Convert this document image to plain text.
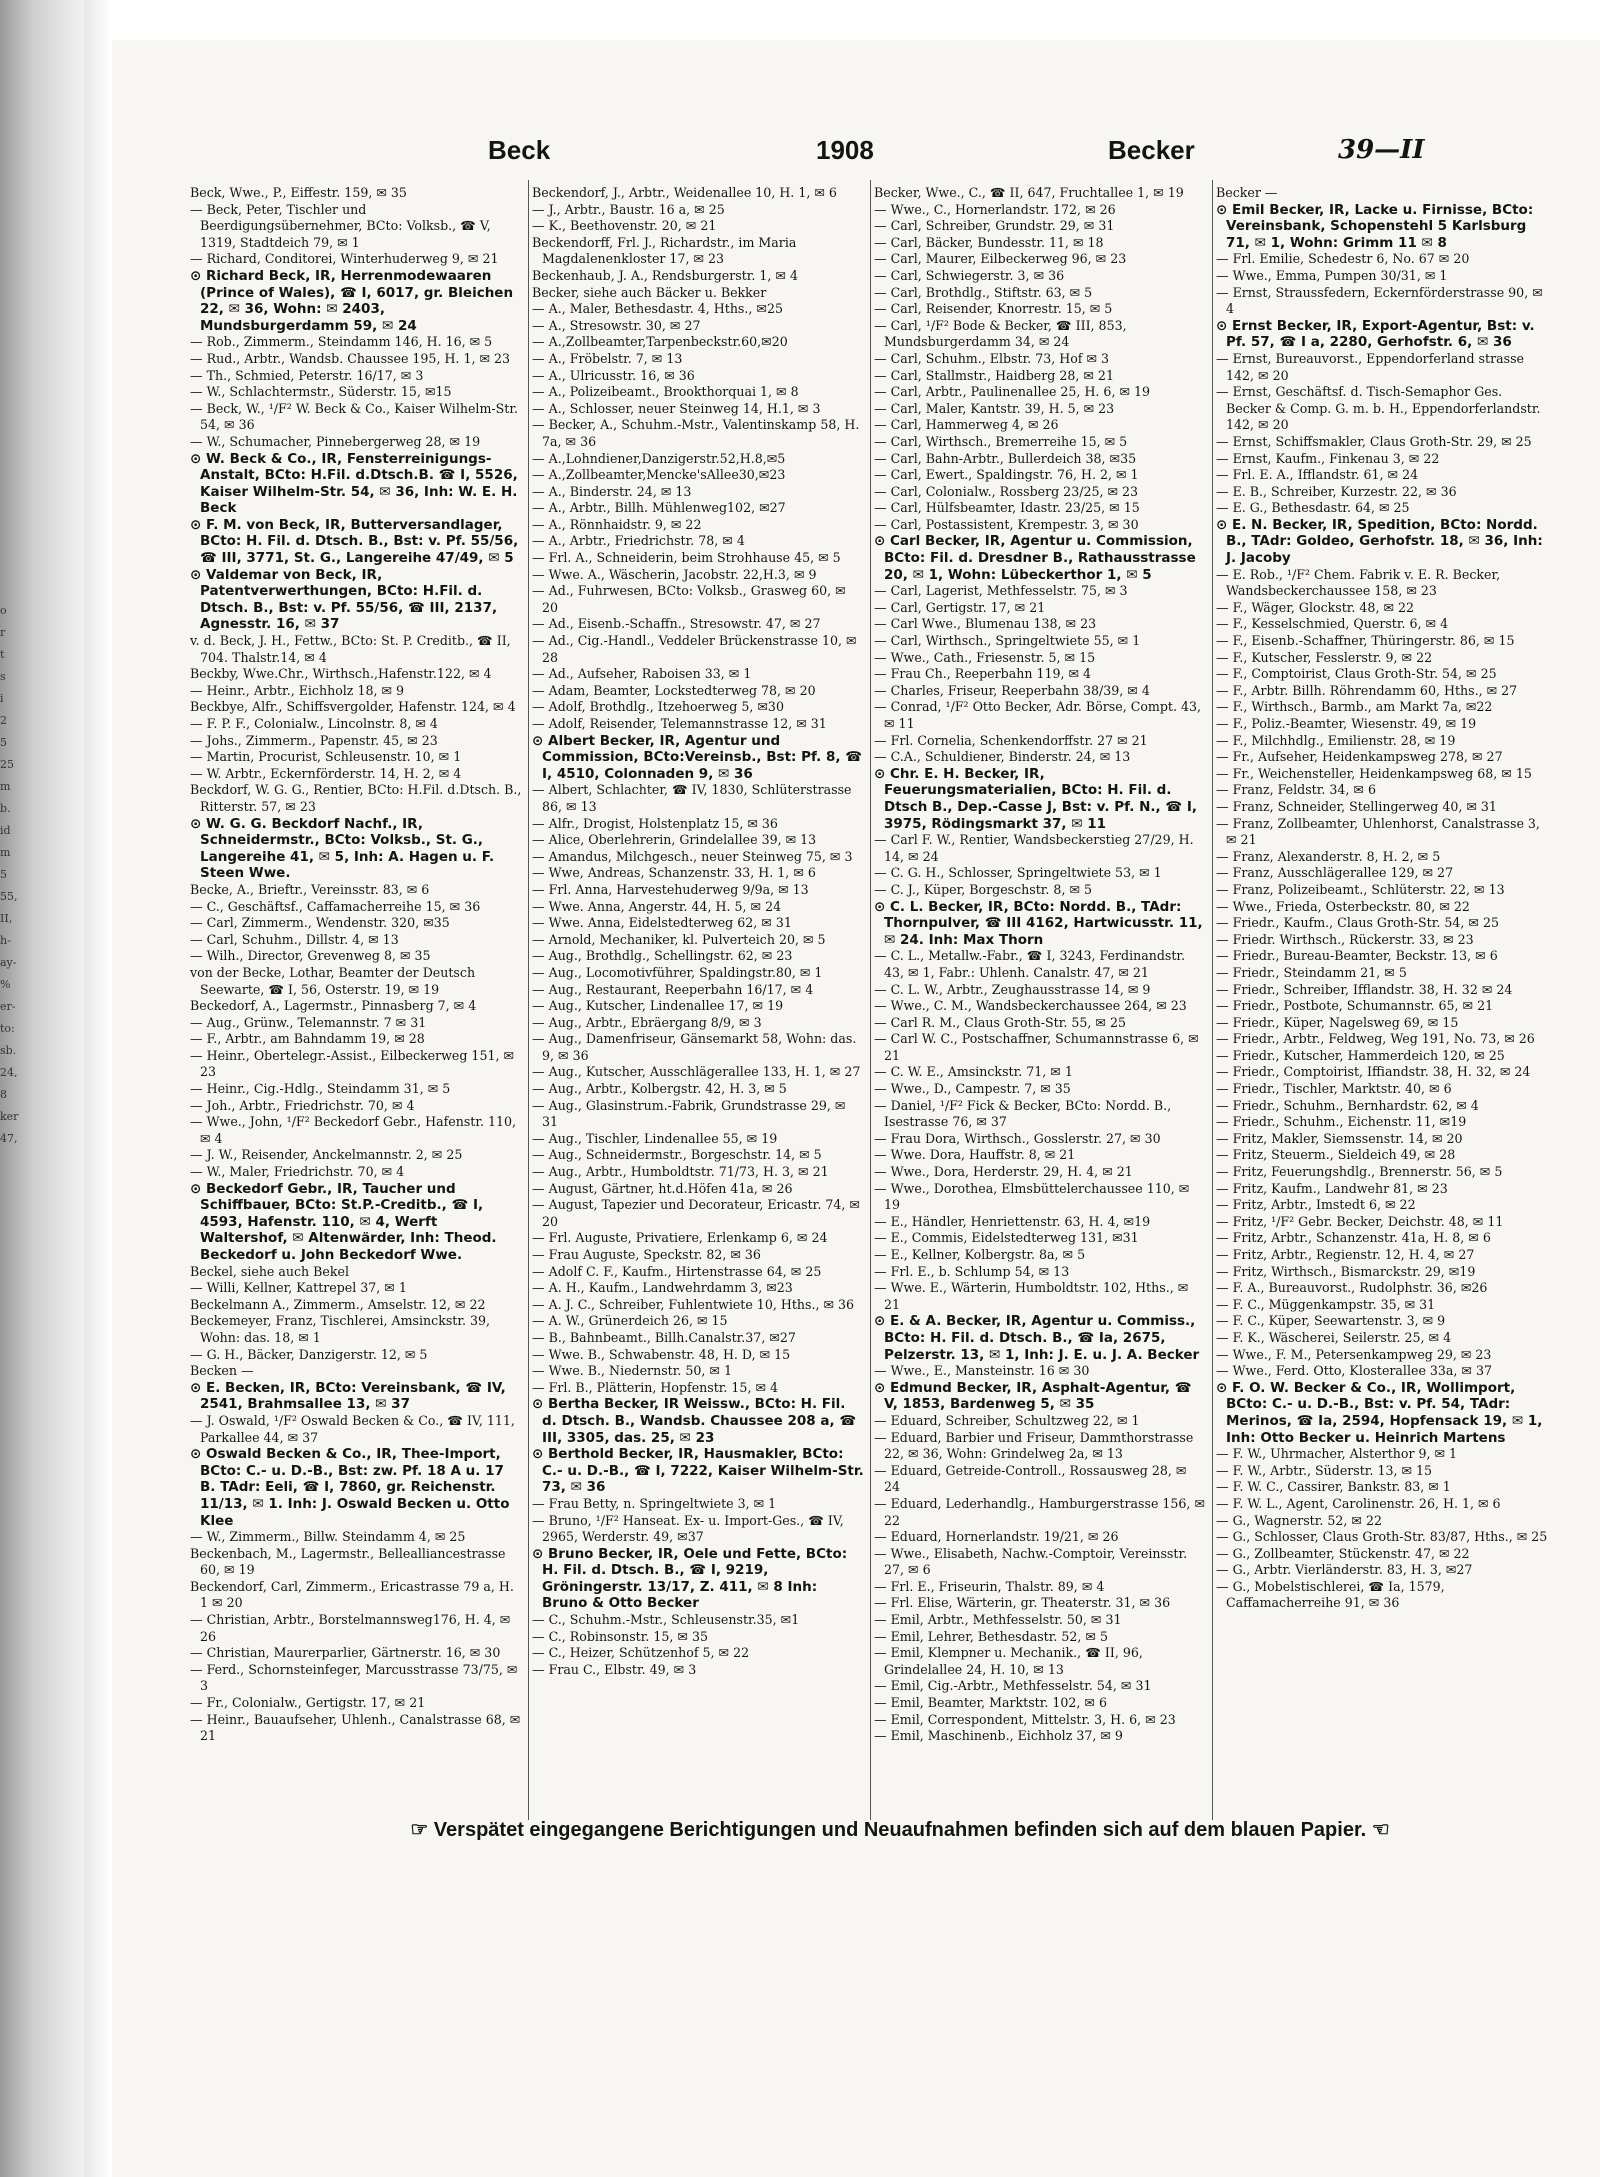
o
r
t
s
i
2
5
25
m
b.
id
m
5
55,
II,
h-
ay-
%
er-
to:
sb.
24,
8
ker
47,
Beck	1908	Becker	39—II

Beck, Wwe., P., Eiffestr. 159, ✉ 35

— Beck, Peter, Tischler und Beerdigungsübernehmer, BCto: Volksb., ☎ V, 1319, Stadtdeich 79, ✉ 1

— Richard, Conditorei, Winterhuderweg 9, ✉ 21

⊙ Richard Beck, IR, Herrenmodewaaren (Prince of Wales), ☎ I, 6017, gr. Bleichen 22, ✉ 36, Wohn: ✉ 2403, Mundsburgerdamm 59, ✉ 24

— Rob., Zimmerm., Steindamm 146, H. 16, ✉ 5

— Rud., Arbtr., Wandsb. Chaussee 195, H. 1, ✉ 23

— Th., Schmied, Peterstr. 16/17, ✉ 3

— W., Schlachtermstr., Süderstr. 15, ✉15

— Beck, W., ¹/F² W. Beck & Co., Kaiser Wilhelm-Str. 54, ✉ 36

— W., Schumacher, Pinnebergerweg 28, ✉ 19

⊙ W. Beck & Co., IR, Fensterreinigungs-Anstalt, BCto: H.Fil. d.Dtsch.B. ☎ I, 5526, Kaiser Wilhelm-Str. 54, ✉ 36, Inh: W. E. H. Beck

⊙ F. M. von Beck, IR, Butterversandlager, BCto: H. Fil. d. Dtsch. B., Bst: v. Pf. 55/56, ☎ III, 3771, St. G., Langereihe 47/49, ✉ 5

⊙ Valdemar von Beck, IR, Patentverwerthungen, BCto: H.Fil. d. Dtsch. B., Bst: v. Pf. 55/56, ☎ III, 2137, Agnesstr. 16, ✉ 37

v. d. Beck, J. H., Fettw., BCto: St. P. Creditb., ☎ II, 704. Thalstr.14, ✉ 4

Beckby, Wwe.Chr., Wirthsch.,Hafenstr.122, ✉ 4

— Heinr., Arbtr., Eichholz 18, ✉ 9

Beckbye, Alfr., Schiffsvergolder, Hafenstr. 124, ✉ 4

— F. P. F., Colonialw., Lincolnstr. 8, ✉ 4

— Johs., Zimmerm., Papenstr. 45, ✉ 23

— Martin, Procurist, Schleusenstr. 10, ✉ 1

— W. Arbtr., Eckernförderstr. 14, H. 2, ✉ 4

Beckdorf, W. G. G., Rentier, BCto: H.Fil. d.Dtsch. B., Ritterstr. 57, ✉ 23

⊙ W. G. G. Beckdorf Nachf., IR, Schneidermstr., BCto: Volksb., St. G., Langereihe 41, ✉ 5, Inh: A. Hagen u. F. Steen Wwe.

Becke, A., Brieftr., Vereinsstr. 83, ✉ 6

— C., Geschäftsf., Caffamacherreihe 15, ✉ 36

— Carl, Zimmerm., Wendenstr. 320, ✉35

— Carl, Schuhm., Dillstr. 4, ✉ 13

— Wilh., Director, Grevenweg 8, ✉ 35

von der Becke, Lothar, Beamter der Deutsch Seewarte, ☎ I, 56, Osterstr. 19, ✉ 19

Beckedorf, A., Lagermstr., Pinnasberg 7, ✉ 4

— Aug., Grünw., Telemannstr. 7 ✉ 31

— F., Arbtr., am Bahndamm 19, ✉ 28

— Heinr., Obertelegr.-Assist., Eilbeckerweg 151, ✉ 23

— Heinr., Cig.-Hdlg., Steindamm 31, ✉ 5

— Joh., Arbtr., Friedrichstr. 70, ✉ 4

— Wwe., John, ¹/F² Beckedorf Gebr., Hafenstr. 110, ✉ 4

— J. W., Reisender, Anckelmannstr. 2, ✉ 25

— W., Maler, Friedrichstr. 70, ✉ 4

⊙ Beckedorf Gebr., IR, Taucher und Schiffbauer, BCto: St.P.-Creditb., ☎ I, 4593, Hafenstr. 110, ✉ 4, Werft Waltershof, ✉ Altenwärder, Inh: Theod. Beckedorf u. John Beckedorf Wwe.

Beckel, siehe auch Bekel

— Willi, Kellner, Kattrepel 37, ✉ 1

Beckelmann A., Zimmerm., Amselstr. 12, ✉ 22

Beckemeyer, Franz, Tischlerei, Amsinckstr. 39, Wohn: das. 18, ✉ 1

— G. H., Bäcker, Danzigerstr. 12, ✉ 5

Becken —

⊙ E. Becken, IR, BCto: Vereinsbank, ☎ IV, 2541, Brahmsallee 13, ✉ 37

— J. Oswald, ¹/F² Oswald Becken & Co., ☎ IV, 111, Parkallee 44, ✉ 37

⊙ Oswald Becken & Co., IR, Thee-Import, BCto: C.- u. D.-B., Bst: zw. Pf. 18 A u. 17 B. TAdr: Eeli, ☎ I, 7860, gr. Reichenstr. 11/13, ✉ 1. Inh: J. Oswald Becken u. Otto Klee

— W., Zimmerm., Billw. Steindamm 4, ✉ 25

Beckenbach, M., Lagermstr., Bellealliancestrasse 60, ✉ 19

Beckendorf, Carl, Zimmerm., Ericastrasse 79 a, H. 1 ✉ 20

— Christian, Arbtr., Borstelmannsweg176, H. 4, ✉ 26

— Christian, Maurerparlier, Gärtnerstr. 16, ✉ 30

— Ferd., Schornsteinfeger, Marcusstrasse 73/75, ✉ 3

— Fr., Colonialw., Gertigstr. 17, ✉ 21

— Heinr., Bauaufseher, Uhlenh., Canalstrasse 68, ✉ 21

Beckendorf, J., Arbtr., Weidenallee 10, H. 1, ✉ 6

— J., Arbtr., Baustr. 16 a, ✉ 25

— K., Beethovenstr. 20, ✉ 21

Beckendorff, Frl. J., Richardstr., im Maria Magdalenenkloster 17, ✉ 23

Beckenhaub, J. A., Rendsburgerstr. 1, ✉ 4

Becker, siehe auch Bäcker u. Bekker

— A., Maler, Bethesdastr. 4, Hths., ✉25

— A., Stresowstr. 30, ✉ 27

— A.,Zollbeamter,Tarpenbeckstr.60,✉20

— A., Fröbelstr. 7, ✉ 13

— A., Ulricusstr. 16, ✉ 36

— A., Polizeibeamt., Brookthorquai 1, ✉ 8

— A., Schlosser, neuer Steinweg 14, H.1, ✉ 3

— Becker, A., Schuhm.-Mstr., Valentinskamp 58, H. 7a, ✉ 36

— A.,Lohndiener,Danzigerstr.52,H.8,✉5

— A.,Zollbeamter,Mencke'sAllee30,✉23

— A., Binderstr. 24, ✉ 13

— A., Arbtr., Billh. Mühlenweg102, ✉27

— A., Rönnhaidstr. 9, ✉ 22

— A., Arbtr., Friedrichstr. 78, ✉ 4

— Frl. A., Schneiderin, beim Strohhause 45, ✉ 5

— Wwe. A., Wäscherin, Jacobstr. 22,H.3, ✉ 9

— Ad., Fuhrwesen, BCto: Volksb., Grasweg 60, ✉ 20

— Ad., Eisenb.-Schaffn., Stresowstr. 47, ✉ 27

— Ad., Cig.-Handl., Veddeler Brückenstrasse 10, ✉ 28

— Ad., Aufseher, Raboisen 33, ✉ 1

— Adam, Beamter, Lockstedterweg 78, ✉ 20

— Adolf, Brothdlg., Itzehoerweg 5, ✉30

— Adolf, Reisender, Telemannstrasse 12, ✉ 31

⊙ Albert Becker, IR, Agentur und Commission, BCto:Vereinsb., Bst: Pf. 8, ☎ I, 4510, Colonnaden 9, ✉ 36

— Albert, Schlachter, ☎ IV, 1830, Schlüterstrasse 86, ✉ 13

— Alfr., Drogist, Holstenplatz 15, ✉ 36

— Alice, Oberlehrerin, Grindelallee 39, ✉ 13

— Amandus, Milchgesch., neuer Steinweg 75, ✉ 3

— Wwe, Andreas, Schanzenstr. 33, H. 1, ✉ 6

— Frl. Anna, Harvestehuderweg 9/9a, ✉ 13

— Wwe. Anna, Angerstr. 44, H. 5, ✉ 24

— Wwe. Anna, Eidelstedterweg 62, ✉ 31

— Arnold, Mechaniker, kl. Pulverteich 20, ✉ 5

— Aug., Brothdlg., Schellingstr. 62, ✉ 23

— Aug., Locomotivführer, Spaldingstr.80, ✉ 1

— Aug., Restaurant, Reeperbahn 16/17, ✉ 4

— Aug., Kutscher, Lindenallee 17, ✉ 19

— Aug., Arbtr., Ebräergang 8/9, ✉ 3

— Aug., Damenfriseur, Gänsemarkt 58, Wohn: das. 9, ✉ 36

— Aug., Kutscher, Ausschlägerallee 133, H. 1, ✉ 27

— Aug., Arbtr., Kolbergstr. 42, H. 3, ✉ 5

— Aug., Glasinstrum.-Fabrik, Grundstrasse 29, ✉ 31

— Aug., Tischler, Lindenallee 55, ✉ 19

— Aug., Schneidermstr., Borgeschstr. 14, ✉ 5

— Aug., Arbtr., Humboldtstr. 71/73, H. 3, ✉ 21

— August, Gärtner, ht.d.Höfen 41a, ✉ 26

— August, Tapezier und Decorateur, Ericastr. 74, ✉ 20

— Frl. Auguste, Privatiere, Erlenkamp 6, ✉ 24

— Frau Auguste, Speckstr. 82, ✉ 36

— Adolf C. F., Kaufm., Hirtenstrasse 64, ✉ 25

— A. H., Kaufm., Landwehrdamm 3, ✉23

— A. J. C., Schreiber, Fuhlentwiete 10, Hths., ✉ 36

— A. W., Grünerdeich 26, ✉ 15

— B., Bahnbeamt., Billh.Canalstr.37, ✉27

— Wwe. B., Schwabenstr. 48, H. D, ✉ 15

— Wwe. B., Niedernstr. 50, ✉ 1

— Frl. B., Plätterin, Hopfenstr. 15, ✉ 4

⊙ Bertha Becker, IR Weissw., BCto: H. Fil. d. Dtsch. B., Wandsb. Chaussee 208 a, ☎ III, 3305, das. 25, ✉ 23

⊙ Berthold Becker, IR, Hausmakler, BCto: C.- u. D.-B., ☎ I, 7222, Kaiser Wilhelm-Str. 73, ✉ 36

— Frau Betty, n. Springeltwiete 3, ✉ 1

— Bruno, ¹/F² Hanseat. Ex- u. Import-Ges., ☎ IV, 2965, Werderstr. 49, ✉37

⊙ Bruno Becker, IR, Oele und Fette, BCto: H. Fil. d. Dtsch. B., ☎ I, 9219, Gröningerstr. 13/17, Z. 411, ✉ 8 Inh: Bruno & Otto Becker

— C., Schuhm.-Mstr., Schleusenstr.35, ✉1

— C., Robinsonstr. 15, ✉ 35

— C., Heizer, Schützenhof 5, ✉ 22

— Frau C., Elbstr. 49, ✉ 3

Becker, Wwe., C., ☎ II, 647, Fruchtallee 1, ✉ 19

— Wwe., C., Hornerlandstr. 172, ✉ 26

— Carl, Schreiber, Grundstr. 29, ✉ 31

— Carl, Bäcker, Bundesstr. 11, ✉ 18

— Carl, Maurer, Eilbeckerweg 96, ✉ 23

— Carl, Schwiegerstr. 3, ✉ 36

— Carl, Brothdlg., Stiftstr. 63, ✉ 5

— Carl, Reisender, Knorrestr. 15, ✉ 5

— Carl, ¹/F² Bode & Becker, ☎ III, 853, Mundsburgerdamm 34, ✉ 24

— Carl, Schuhm., Elbstr. 73, Hof ✉ 3

— Carl, Stallmstr., Haidberg 28, ✉ 21

— Carl, Arbtr., Paulinenallee 25, H. 6, ✉ 19

— Carl, Maler, Kantstr. 39, H. 5, ✉ 23

— Carl, Hammerweg 4, ✉ 26

— Carl, Wirthsch., Bremerreihe 15, ✉ 5

— Carl, Bahn-Arbtr., Bullerdeich 38, ✉35

— Carl, Ewert., Spaldingstr. 76, H. 2, ✉ 1

— Carl, Colonialw., Rossberg 23/25, ✉ 23

— Carl, Hülfsbeamter, Idastr. 23/25, ✉ 15

— Carl, Postassistent, Krempestr. 3, ✉ 30

⊙ Carl Becker, IR, Agentur u. Commission, BCto: Fil. d. Dresdner B., Rathausstrasse 20, ✉ 1, Wohn: Lübeckerthor 1, ✉ 5

— Carl, Lagerist, Methfesselstr. 75, ✉ 3

— Carl, Gertigstr. 17, ✉ 21

— Carl Wwe., Blumenau 138, ✉ 23

— Carl, Wirthsch., Springeltwiete 55, ✉ 1

— Wwe., Cath., Friesenstr. 5, ✉ 15

— Frau Ch., Reeperbahn 119, ✉ 4

— Charles, Friseur, Reeperbahn 38/39, ✉ 4

— Conrad, ¹/F² Otto Becker, Adr. Börse, Compt. 43, ✉ 11

— Frl. Cornelia, Schenkendorffstr. 27 ✉ 21

— C.A., Schuldiener, Binderstr. 24, ✉ 13

⊙ Chr. E. H. Becker, IR, Feuerungsmaterialien, BCto: H. Fil. d. Dtsch B., Dep.-Casse J, Bst: v. Pf. N., ☎ I, 3975, Rödingsmarkt 37, ✉ 11

— Carl F. W., Rentier, Wandsbeckerstieg 27/29, H. 14, ✉ 24

— C. G. H., Schlosser, Springeltwiete 53, ✉ 1

— C. J., Küper, Borgeschstr. 8, ✉ 5

⊙ C. L. Becker, IR, BCto: Nordd. B., TAdr: Thornpulver, ☎ III 4162, Hartwicusstr. 11, ✉ 24. Inh: Max Thorn

— C. L., Metallw.-Fabr., ☎ I, 3243, Ferdinandstr. 43, ✉ 1, Fabr.: Uhlenh. Canalstr. 47, ✉ 21

— C. L. W., Arbtr., Zeughausstrasse 14, ✉ 9

— Wwe., C. M., Wandsbeckerchaussee 264, ✉ 23

— Carl R. M., Claus Groth-Str. 55, ✉ 25

— Carl W. C., Postschaffner, Schumannstrasse 6, ✉ 21

— C. W. E., Amsinckstr. 71, ✉ 1

— Wwe., D., Campestr. 7, ✉ 35

— Daniel, ¹/F² Fick & Becker, BCto: Nordd. B., Isestrasse 76, ✉ 37

— Frau Dora, Wirthsch., Gosslerstr. 27, ✉ 30

— Wwe. Dora, Hauffstr. 8, ✉ 21

— Wwe., Dora, Herderstr. 29, H. 4, ✉ 21

— Wwe., Dorothea, Elmsbüttelerchaussee 110, ✉ 19

— E., Händler, Henriettenstr. 63, H. 4, ✉19

— E., Commis, Eidelstedterweg 131, ✉31

— E., Kellner, Kolbergstr. 8a, ✉ 5

— Frl. E., b. Schlump 54, ✉ 13

— Wwe. E., Wärterin, Humboldtstr. 102, Hths., ✉ 21

⊙ E. & A. Becker, IR, Agentur u. Commiss., BCto: H. Fil. d. Dtsch. B., ☎ Ia, 2675, Pelzerstr. 13, ✉ 1, Inh: J. E. u. J. A. Becker

— Wwe., E., Mansteinstr. 16 ✉ 30

⊙ Edmund Becker, IR, Asphalt-Agentur, ☎ V, 1853, Bardenweg 5, ✉ 35

— Eduard, Schreiber, Schultzweg 22, ✉ 1

— Eduard, Barbier und Friseur, Dammthorstrasse 22, ✉ 36, Wohn: Grindelweg 2a, ✉ 13

— Eduard, Getreide-Controll., Rossausweg 28, ✉ 24

— Eduard, Lederhandlg., Hamburgerstrasse 156, ✉ 22

— Eduard, Hornerlandstr. 19/21, ✉ 26

— Wwe., Elisabeth, Nachw.-Comptoir, Vereinsstr. 27, ✉ 6

— Frl. E., Friseurin, Thalstr. 89, ✉ 4

— Frl. Elise, Wärterin, gr. Theaterstr. 31, ✉ 36

— Emil, Arbtr., Methfesselstr. 50, ✉ 31

— Emil, Lehrer, Bethesdastr. 52, ✉ 5

— Emil, Klempner u. Mechanik., ☎ II, 96, Grindelallee 24, H. 10, ✉ 13

— Emil, Cig.-Arbtr., Methfesselstr. 54, ✉ 31

— Emil, Beamter, Marktstr. 102, ✉ 6

— Emil, Correspondent, Mittelstr. 3, H. 6, ✉ 23

— Emil, Maschinenb., Eichholz 37, ✉ 9

Becker —

⊙ Emil Becker, IR, Lacke u. Firnisse, BCto: Vereinsbank, Schopenstehl 5 Karlsburg 71, ✉ 1, Wohn: Grimm 11 ✉ 8

— Frl. Emilie, Schedestr 6, No. 67 ✉ 20

— Wwe., Emma, Pumpen 30/31, ✉ 1

— Ernst, Straussfedern, Eckernförderstrasse 90, ✉ 4

⊙ Ernst Becker, IR, Export-Agentur, Bst: v. Pf. 57, ☎ I a, 2280, Gerhofstr. 6, ✉ 36

— Ernst, Bureauvorst., Eppendorferland strasse 142, ✉ 20

— Ernst, Geschäftsf. d. Tisch-Semaphor Ges. Becker & Comp. G. m. b. H., Eppendorferlandstr. 142, ✉ 20

— Ernst, Schiffsmakler, Claus Groth-Str. 29, ✉ 25

— Ernst, Kaufm., Finkenau 3, ✉ 22

— Frl. E. A., Ifflandstr. 61, ✉ 24

— E. B., Schreiber, Kurzestr. 22, ✉ 36

— E. G., Bethesdastr. 64, ✉ 25

⊙ E. N. Becker, IR, Spedition, BCto: Nordd. B., TAdr: Goldeo, Gerhofstr. 18, ✉ 36, Inh: J. Jacoby

— E. Rob., ¹/F² Chem. Fabrik v. E. R. Becker, Wandsbeckerchaussee 158, ✉ 23

— F., Wäger, Glockstr. 48, ✉ 22

— F., Kesselschmied, Querstr. 6, ✉ 4

— F., Eisenb.-Schaffner, Thüringerstr. 86, ✉ 15

— F., Kutscher, Fesslerstr. 9, ✉ 22

— F., Comptoirist, Claus Groth-Str. 54, ✉ 25

— F., Arbtr. Billh. Röhrendamm 60, Hths., ✉ 27

— F., Wirthsch., Barmb., am Markt 7a, ✉22

— F., Poliz.-Beamter, Wiesenstr. 49, ✉ 19

— F., Milchhdlg., Emilienstr. 28, ✉ 19

— Fr., Aufseher, Heidenkampsweg 278, ✉ 27

— Fr., Weichensteller, Heidenkampsweg 68, ✉ 15

— Franz, Feldstr. 34, ✉ 6

— Franz, Schneider, Stellingerweg 40, ✉ 31

— Franz, Zollbeamter, Uhlenhorst, Canalstrasse 3, ✉ 21

— Franz, Alexanderstr. 8, H. 2, ✉ 5

— Franz, Ausschlägerallee 129, ✉ 27

— Franz, Polizeibeamt., Schlüterstr. 22, ✉ 13

— Wwe., Frieda, Osterbeckstr. 80, ✉ 22

— Friedr., Kaufm., Claus Groth-Str. 54, ✉ 25

— Friedr. Wirthsch., Rückerstr. 33, ✉ 23

— Friedr., Bureau-Beamter, Beckstr. 13, ✉ 6

— Friedr., Steindamm 21, ✉ 5

— Friedr., Schreiber, Ifflandstr. 38, H. 32 ✉ 24

— Friedr., Postbote, Schumannstr. 65, ✉ 21

— Friedr., Küper, Nagelsweg 69, ✉ 15

— Friedr., Arbtr., Feldweg, Weg 191, No. 73, ✉ 26

— Friedr., Kutscher, Hammerdeich 120, ✉ 25

— Friedr., Comptoirist, Iffiandstr. 38, H. 32, ✉ 24

— Friedr., Tischler, Marktstr. 40, ✉ 6

— Friedr., Schuhm., Bernhardstr. 62, ✉ 4

— Friedr., Schuhm., Eichenstr. 11, ✉19

— Fritz, Makler, Siemssenstr. 14, ✉ 20

— Fritz, Steuerm., Sieldeich 49, ✉ 28

— Fritz, Feuerungshdlg., Brennerstr. 56, ✉ 5

— Fritz, Kaufm., Landwehr 81, ✉ 23

— Fritz, Arbtr., Imstedt 6, ✉ 22

— Fritz, ¹/F² Gebr. Becker, Deichstr. 48, ✉ 11

— Fritz, Arbtr., Schanzenstr. 41a, H. 8, ✉ 6

— Fritz, Arbtr., Regienstr. 12, H. 4, ✉ 27

— Fritz, Wirthsch., Bismarckstr. 29, ✉19

— F. A., Bureauvorst., Rudolphstr. 36, ✉26

— F. C., Müggenkampstr. 35, ✉ 31

— F. C., Küper, Seewartenstr. 3, ✉ 9

— F. K., Wäscherei, Seilerstr. 25, ✉ 4

— Wwe., F. M., Petersenkampweg 29, ✉ 23

— Wwe., Ferd. Otto, Klosterallee 33a, ✉ 37

⊙ F. O. W. Becker & Co., IR, Wollimport, BCto: C.- u. D.-B., Bst: v. Pf. 54, TAdr: Merinos, ☎ Ia, 2594, Hopfensack 19, ✉ 1, Inh: Otto Becker u. Heinrich Martens

— F. W., Uhrmacher, Alsterthor 9, ✉ 1

— F. W., Arbtr., Süderstr. 13, ✉ 15

— F. W. C., Cassirer, Bankstr. 83, ✉ 1

— F. W. L., Agent, Carolinenstr. 26, H. 1, ✉ 6

— G., Wagnerstr. 52, ✉ 22

— G., Schlosser, Claus Groth-Str. 83/87, Hths., ✉ 25

— G., Zollbeamter, Stückenstr. 47, ✉ 22

— G., Arbtr. Vierländerstr. 83, H. 3, ✉27

— G., Mobelstischlerei, ☎ Ia, 1579, Caffamacherreihe 91, ✉ 36

☞ Verspätet eingegangene Berichtigungen und Neuaufnahmen befinden sich auf dem blauen Papier. ☜
